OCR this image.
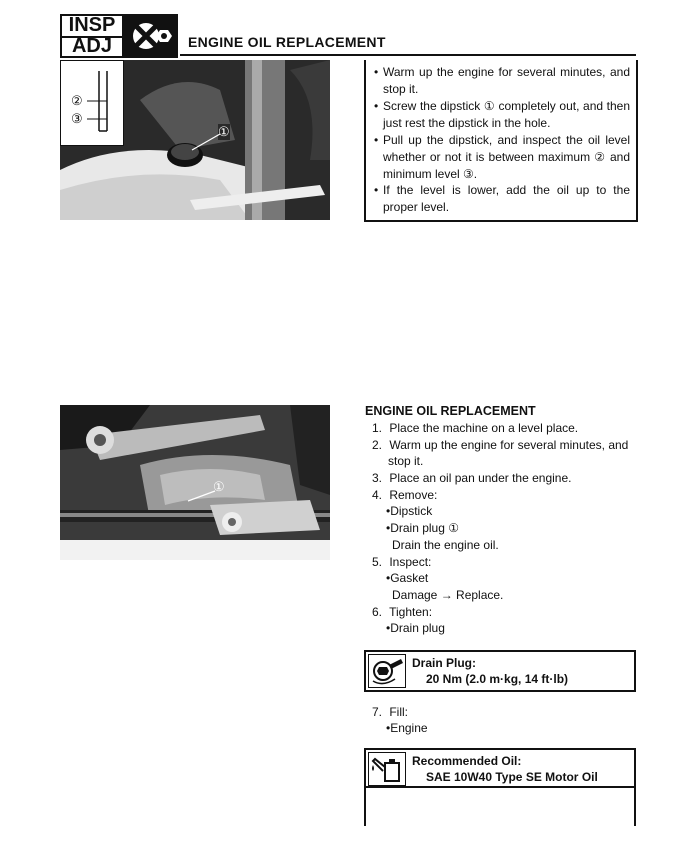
INSP
ADJ	ENGINE OIL REPLACEMENT
②
③
①
• Warm up the engine for several minutes, and stop it.
• Screw the dipstick ① completely out, and then just rest the dipstick in the hole.
• Pull up the dipstick, and inspect the oil level whether or not it is between maximum ② and minimum level ③.
• If the level is lower, add the oil up to the proper level.
①
ENGINE OIL REPLACEMENT
1. Place the machine on a level place.
2. Warm up the engine for several minutes, and
stop it.
3. Place an oil pan under the engine.
4. Remove:
•Dipstick
•Drain plug ①
Drain the engine oil.
5. Inspect:
•Gasket
Damage → Replace.
6. Tighten:
•Drain plug
Drain Plug:
20 Nm (2.0 m·kg, 14 ft·lb)
7. Fill:
•Engine
Recommended Oil:
SAE 10W40 Type SE Motor Oil
